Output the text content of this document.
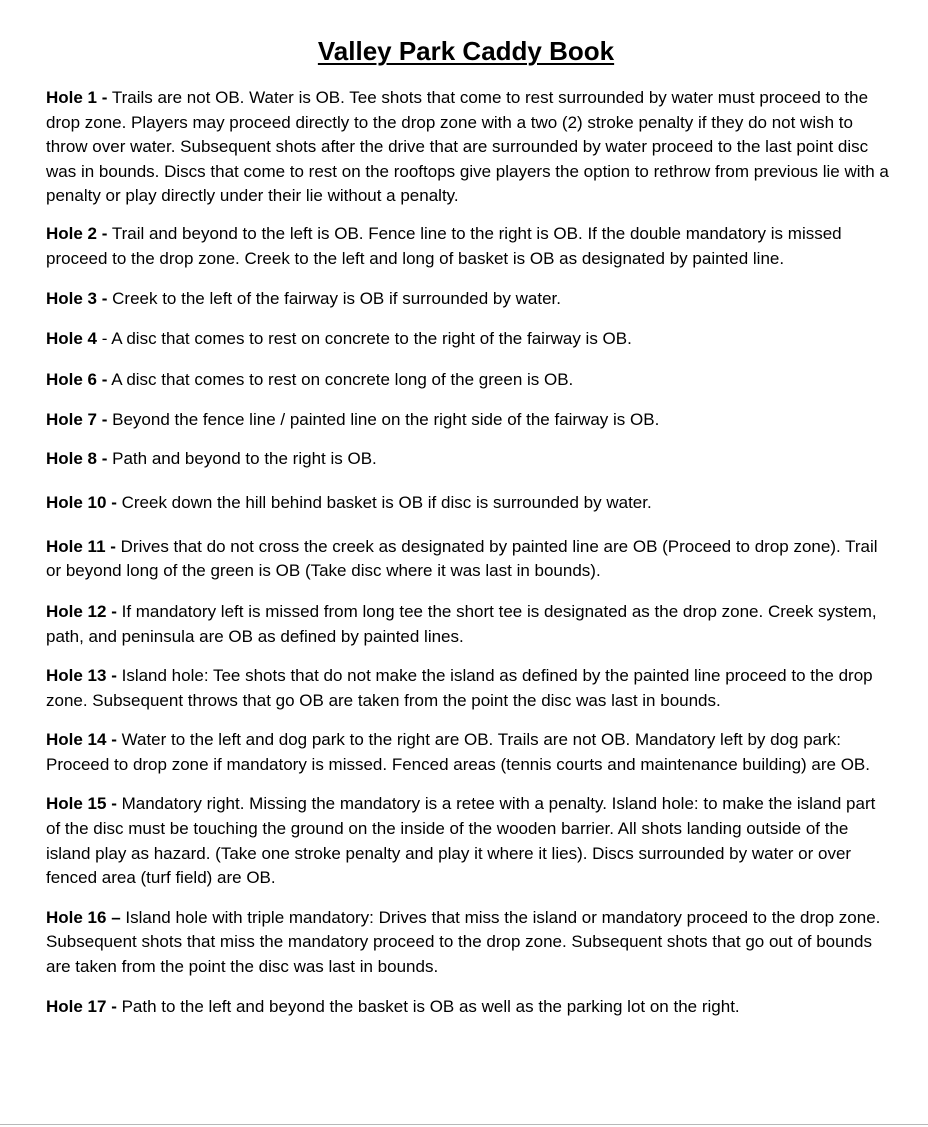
Valley Park Caddy Book

Hole 1 - Trails are not OB. Water is OB. Tee shots that come to rest surrounded by water must proceed to the drop zone. Players may proceed directly to the drop zone with a two (2) stroke penalty if they do not wish to throw over water. Subsequent shots after the drive that are surrounded by water proceed to the last point disc was in bounds. Discs that come to rest on the rooftops give players the option to rethrow from previous lie with a penalty or play directly under their lie without a penalty.

Hole 2 - Trail and beyond to the left is OB. Fence line to the right is OB. If the double mandatory is missed proceed to the drop zone. Creek to the left and long of basket is OB as designated by painted line.

Hole 3 - Creek to the left of the fairway is OB if surrounded by water.

Hole 4 - A disc that comes to rest on concrete to the right of the fairway is OB.

Hole 6 - A disc that comes to rest on concrete long of the green is OB.

Hole 7 - Beyond the fence line / painted line on the right side of the fairway is OB.

Hole 8 - Path and beyond to the right is OB.

Hole 10 - Creek down the hill behind basket is OB if disc is surrounded by water.

Hole 11 - Drives that do not cross the creek as designated by painted line are OB (Proceed to drop zone). Trail or beyond long of the green is OB (Take disc where it was last in bounds).

Hole 12 - If mandatory left is missed from long tee the short tee is designated as the drop zone. Creek system, path, and peninsula are OB as defined by painted lines.

Hole 13 - Island hole: Tee shots that do not make the island as defined by the painted line proceed to the drop zone. Subsequent throws that go OB are taken from the point the disc was last in bounds.

Hole 14 - Water to the left and dog park to the right are OB. Trails are not OB. Mandatory left by dog park: Proceed to drop zone if mandatory is missed. Fenced areas (tennis courts and maintenance building) are OB.

Hole 15 - Mandatory right. Missing the mandatory is a retee with a penalty. Island hole: to make the island part of the disc must be touching the ground on the inside of the wooden barrier. All shots landing outside of the island play as hazard. (Take one stroke penalty and play it where it lies). Discs surrounded by water or over fenced area (turf field) are OB.

Hole 16 – Island hole with triple mandatory: Drives that miss the island or mandatory proceed to the drop zone. Subsequent shots that miss the mandatory proceed to the drop zone. Subsequent shots that go out of bounds are taken from the point the disc was last in bounds.

Hole 17 - Path to the left and beyond the basket is OB as well as the parking lot on the right.
